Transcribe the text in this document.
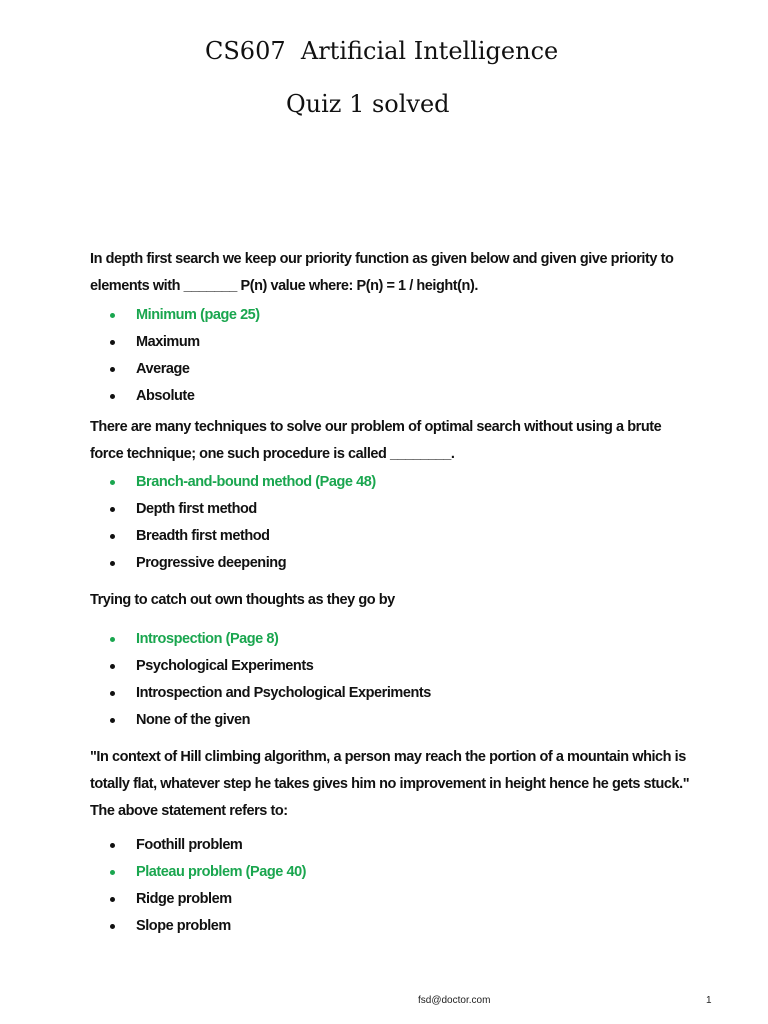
CS607  Artificial Intelligence
Quiz 1 solved

In depth first search we keep our priority function as given below and given give priority to elements with _______ P(n) value where: P(n) = 1 / height(n).

Minimum (page 25)
Maximum
Average
Absolute

There are many techniques to solve our problem of optimal search without using a brute force technique; one such procedure is called ________.

Branch-and-bound method (Page 48)
Depth first method
Breadth first method
Progressive deepening

Trying to catch out own thoughts as they go by

Introspection (Page 8)
Psychological Experiments
Introspection and Psychological Experiments
None of the given

"In context of Hill climbing algorithm, a person may reach the portion of a mountain which is totally flat, whatever step he takes gives him no improvement in height hence he gets stuck." The above statement refers to:

Foothill problem
Plateau problem (Page 40)
Ridge problem
Slope problem
fsd@doctor.com	1
